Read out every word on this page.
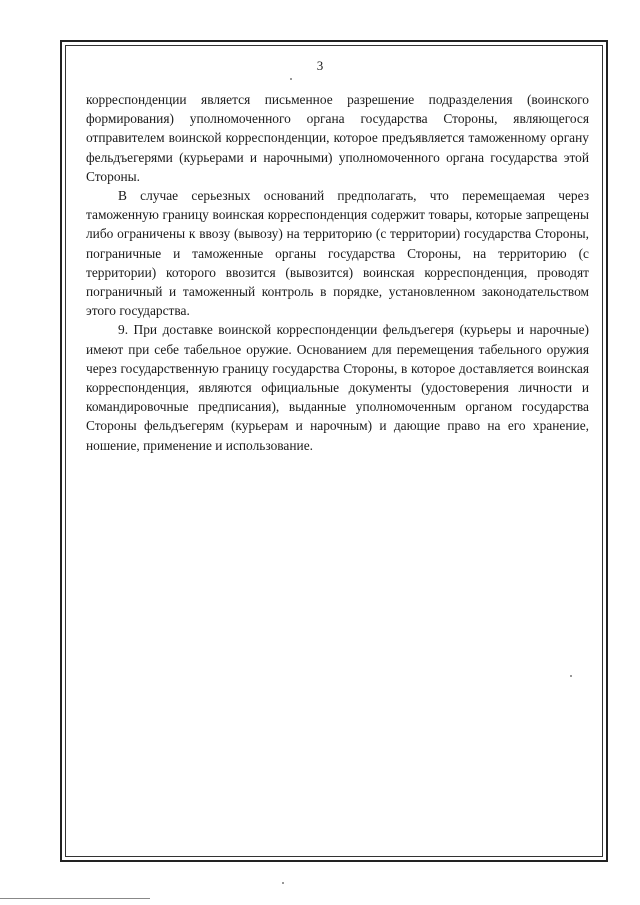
3

корреспонденции является письменное разрешение подразделения (воинского формирования) уполномоченного органа государства Стороны, являющегося отправителем воинской корреспонденции, которое предъявляется таможенному органу фельдъегерями (курьерами и нарочными) уполномоченного органа государства этой Стороны.

В случае серьезных оснований предполагать, что перемещаемая через таможенную границу воинская корреспонденция содержит товары, которые запрещены либо ограничены к ввозу (вывозу) на территорию (с территории) государства Стороны, пограничные и таможенные органы государства Стороны, на территорию (с территории) которого ввозится (вывозится) воинская корреспонденция, проводят пограничный и таможенный контроль в порядке, установленном законодательством этого государства.

9. При доставке воинской корреспонденции фельдъегеря (курьеры и нарочные) имеют при себе табельное оружие. Основанием для перемещения табельного оружия через государственную границу государства Стороны, в которое доставляется воинская корреспонденция, являются официальные документы (удостоверения личности и командировочные предписания), выданные уполномоченным органом государства Стороны фельдъегерям (курьерам и нарочным) и дающие право на его хранение, ношение, применение и использование.
